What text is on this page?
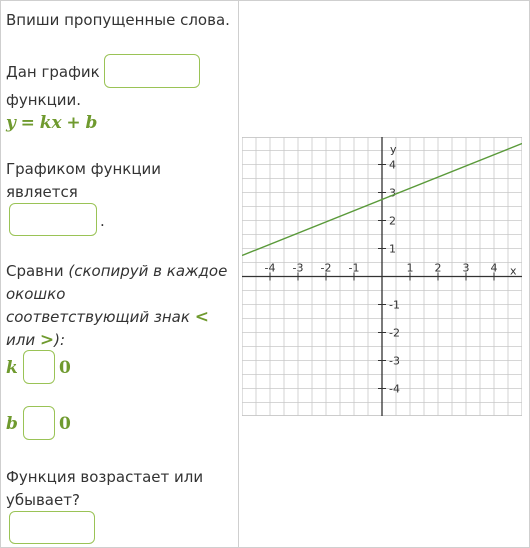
Впиши пропущенные слова.
Дан график
функции.
y = kx + b
Графиком функции
является
.
Сравни (скопируй в каждое
окошко
соответствующий знак <
или >):
k 0
b 0
Функция возрастает или
убывает?
x
y
-4 -3 -2 -1	1 2 3 4
-4
-3
-2
-1
1
2
3
4
